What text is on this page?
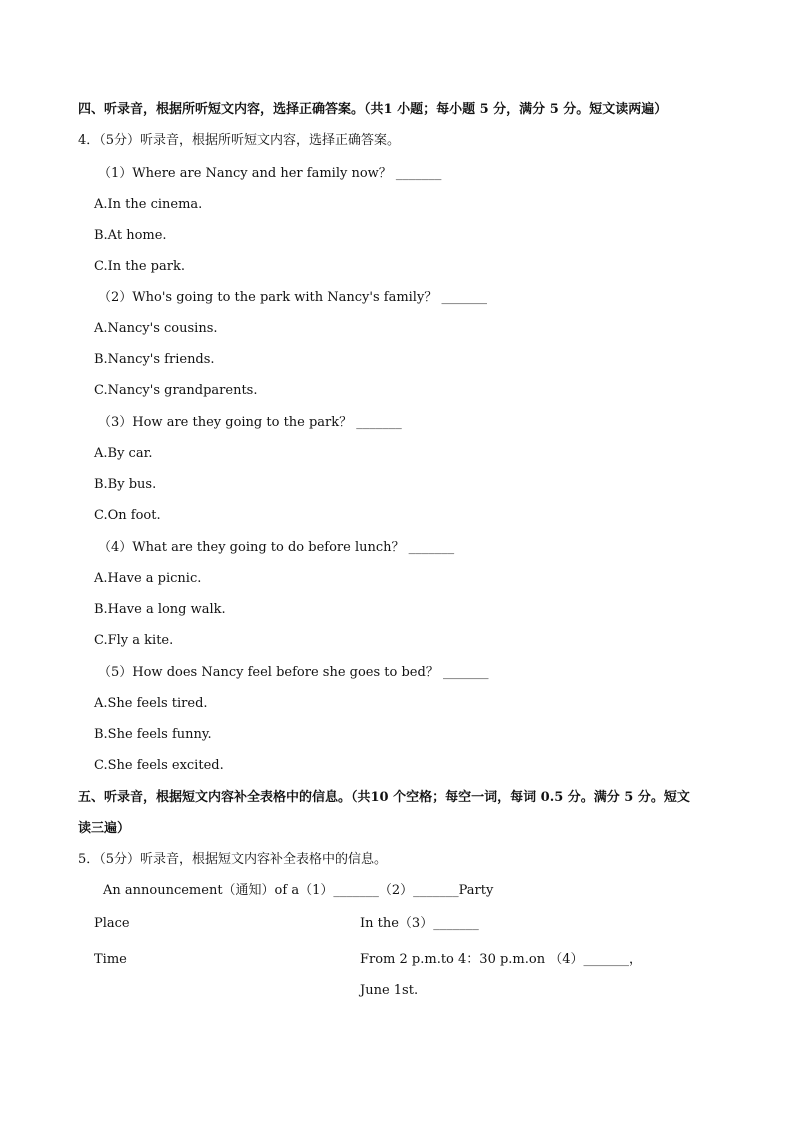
四、听录音，根据所听短文内容，选择正确答案。（共1 小题；每小题 5 分，满分 5 分。短文读两遍）
4．（5分）听录音，根据所听短文内容，选择正确答案。
（1）Where are Nancy and her family now？ _______
A.In the cinema.
B.At home.
C.In the park.
（2）Who's going to the park with Nancy's family？ _______
A.Nancy's cousins.
B.Nancy's friends.
C.Nancy's grandparents.
（3）How are they going to the park？ _______
A.By car.
B.By bus.
C.On foot.
（4）What are they going to do before lunch？ _______
A.Have a picnic.
B.Have a long walk.
C.Fly a kite.
（5）How does Nancy feel before she goes to bed？ _______
A.She feels tired.
B.She feels funny.
C.She feels excited.
五、听录音，根据短文内容补全表格中的信息。（共10 个空格；每空一词，每词 0.5 分。满分 5 分。短文
读三遍）
5．（5分）听录音，根据短文内容补全表格中的信息。
An announcement（通知）of a（1）_______（2）_______Party
Place	In the（3）_______
Time	From 2 p.m.to 4：30 p.m.on （4）_______，
June 1st.
